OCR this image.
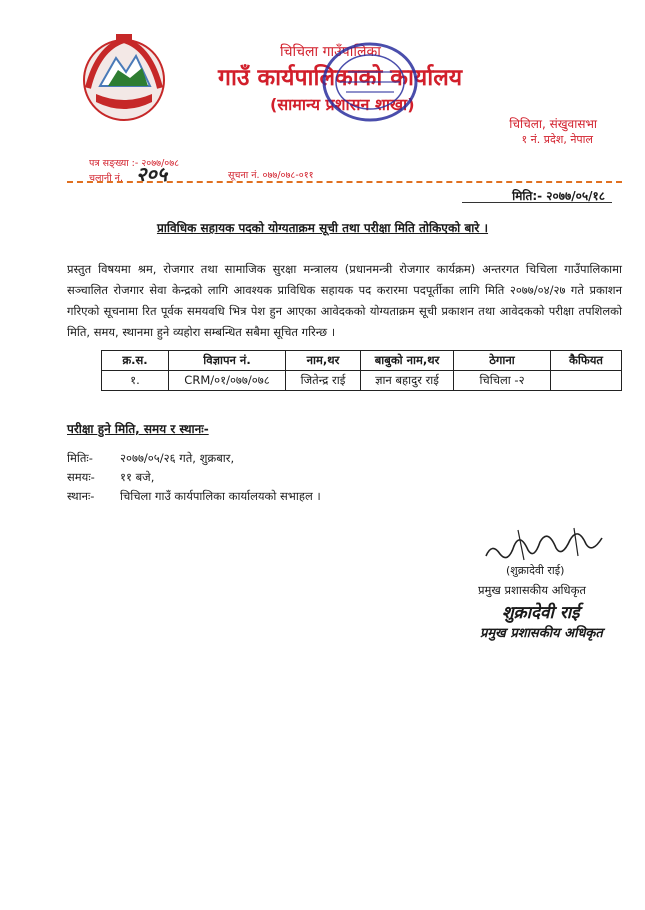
चिचिला गाउँपालिका
गाउँ कार्यपालिकाको कार्यालय
(सामान्य प्रशासन शाखा)
चिचिला, संखुवासभा
१ नं. प्रदेश, नेपाल
पत्र सङ्ख्या :- २०७७/०७८
चलानी नं. २०५	सूचना नं. ०७७/०७८-०११
मिति:- २०७७/०५/१८
प्राविधिक सहायक पदको योग्यताक्रम सूची तथा परीक्षा मिति तोकिएको बारे ।
प्रस्तुत विषयमा श्रम, रोजगार तथा सामाजिक सुरक्षा मन्त्रालय (प्रधानमन्त्री रोजगार कार्यक्रम) अन्तरगत चिचिला गाउँपालिकामा सञ्चालित रोजगार सेवा केन्द्रको लागि आवश्यक प्राविधिक सहायक पद करारमा पदपूर्तीका लागि मिति २०७७/०४/२७ गते प्रकाशन गरिएको सूचनामा रित पूर्वक समयवधि भित्र पेश हुन आएका आवेदकको योग्यताक्रम सूची प्रकाशन तथा आवेदकको परीक्षा तपशिलको मिति, समय, स्थानमा हुने व्यहोरा सम्बन्धित सबैमा सूचित गरिन्छ ।
क्र.स.	विज्ञापन नं.	नाम,थर	बाबुको नाम,थर	ठेगाना	कैफियत
१.	CRM/०१/०७७/०७८	जितेन्द्र राई	ज्ञान बहादुर राई	चिचिला -२	
परीक्षा हुने मिति, समय र स्थानः-
मितिः- २०७७/०५/२६ गते, शुक्रबार,
समयः- ११ बजे,
स्थानः- चिचिला गाउँ कार्यपालिका कार्यालयको सभाहल ।
(शुक्रादेवी राई)
प्रमुख प्रशासकीय अधिकृत
शुक्रादेवी राई
प्रमुख प्रशासकीय अधिकृत
